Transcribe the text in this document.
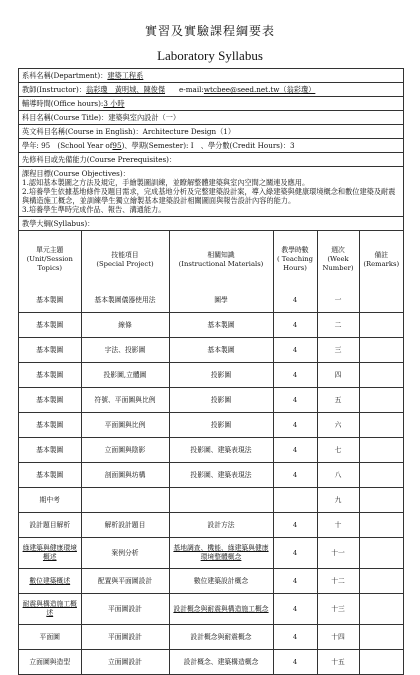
實習及實驗課程綱要表
Laboratory Syllabus
系科名稱(Department)：建築工程系
教師(Instructor)：翁彩瓊　黃明城、陳俊傑 e-mail:wtcbee@seed.net.tw（翁彩瓊）
輔導時間(Office hours):3 小時
科目名稱(Course Title)：建築與室內設計（一）
英文科目名稱(Course in English)：Architecture Design（1）
學年: 95　(School Year of95)、學期(Semester): I　、學分數(Credit Hours)：3
先修科目或先備能力(Course Prerequisites)：
課程目標(Course Objectives)：
1.認知基本製圖之方法及規定，手繪製圖訓練，並瞭解整體建築與室內空間之關連及應用。
2.培養學生依據基地條件及題目需求，完成基地分析及完整建築設計案，導入綠建築與健康環境概念和數位建築及耐震與構造施工概念，並訓練學生獨立繪製基本建築設計相關圖面與報告設計內容的能力。
3.培養學生準時完成作品、報告、溝通能力。
教學大綱(Syllabus)：
單元主題
(Unit/Session Topics)	技能項目
(Special Project)	相關知識
(Instructional Materials)	教學時數
( Teaching Hours)	週次
(Week Number)	備註
(Remarks)
基本製圖	基本製圖儀器使用法	圖學	4	一	
基本製圖	線條	基本製圖	4	二	
基本製圖	字法、投影圖	基本製圖	4	三	
基本製圖	投影圖,立體圖	投影圖	4	四	
基本製圖	符號、平面圖與比例	投影圖	4	五	
基本製圖	平面圖與比例	投影圖	4	六	
基本製圖	立面圖與陰影	投影圖、建築表現法	4	七	
基本製圖	剖面圖與坊構	投影圖、建築表現法	4	八	
期中考				九	
設計題目解析	解析設計題目	設計方法	4	十	
綠建築與健康環境概述	案例分析	基地調查、機能、綠建築與健康環境整體概念	4	十一	
數位建築概述	配置與平面圖設計	數位建築設計概念	4	十二	
耐震與構造施工概述	平面圖設計	設計概念與耐震與構造施工概念	4	十三	
平面圖	平面圖設計	設計概念與耐震概念	4	十四	
立面圖與造型	立面圖設計	設計概念、建築構造概念	4	十五	
